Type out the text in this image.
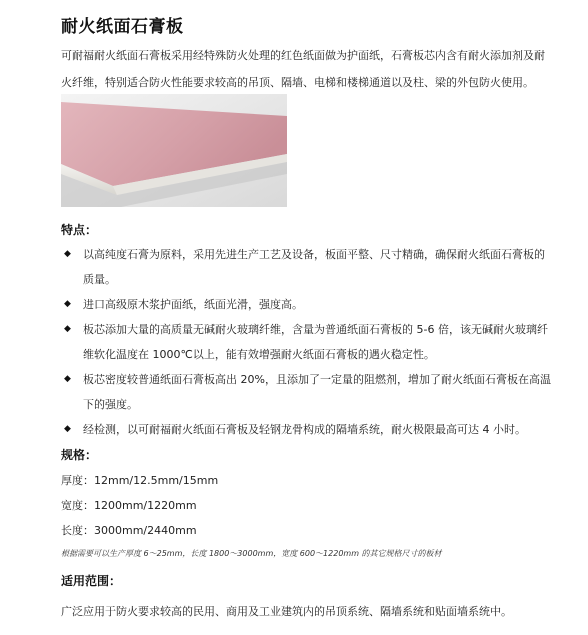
耐火纸面石膏板
可耐福耐火纸面石膏板采用经特殊防火处理的红色纸面做为护面纸，石膏板芯内含有耐火添加剂及耐火纤维，特别适合防火性能要求较高的吊顶、隔墙、电梯和楼梯通道以及柱、梁的外包防火使用。
特点：
◆ 以高纯度石膏为原料，采用先进生产工艺及设备，板面平整、尺寸精确，确保耐火纸面石膏板的质量。
◆ 进口高级原木浆护面纸，纸面光滑，强度高。
◆ 板芯添加大量的高质量无碱耐火玻璃纤维，含量为普通纸面石膏板的 5-6 倍，该无碱耐火玻璃纤维软化温度在 1000℃以上，能有效增强耐火纸面石膏板的遇火稳定性。
◆ 板芯密度较普通纸面石膏板高出 20%，且添加了一定量的阻燃剂，增加了耐火纸面石膏板在高温下的强度。
◆ 经检测，以可耐福耐火纸面石膏板及轻钢龙骨构成的隔墙系统，耐火极限最高可达 4 小时。
规格：
厚度：12mm/12.5mm/15mm
宽度：1200mm/1220mm
长度：3000mm/2440mm
根据需要可以生产厚度 6～25mm，长度 1800～3000mm，宽度 600～1220mm 的其它规格尺寸的板材
适用范围：
广泛应用于防火要求较高的民用、商用及工业建筑内的吊顶系统、隔墙系统和贴面墙系统中。
